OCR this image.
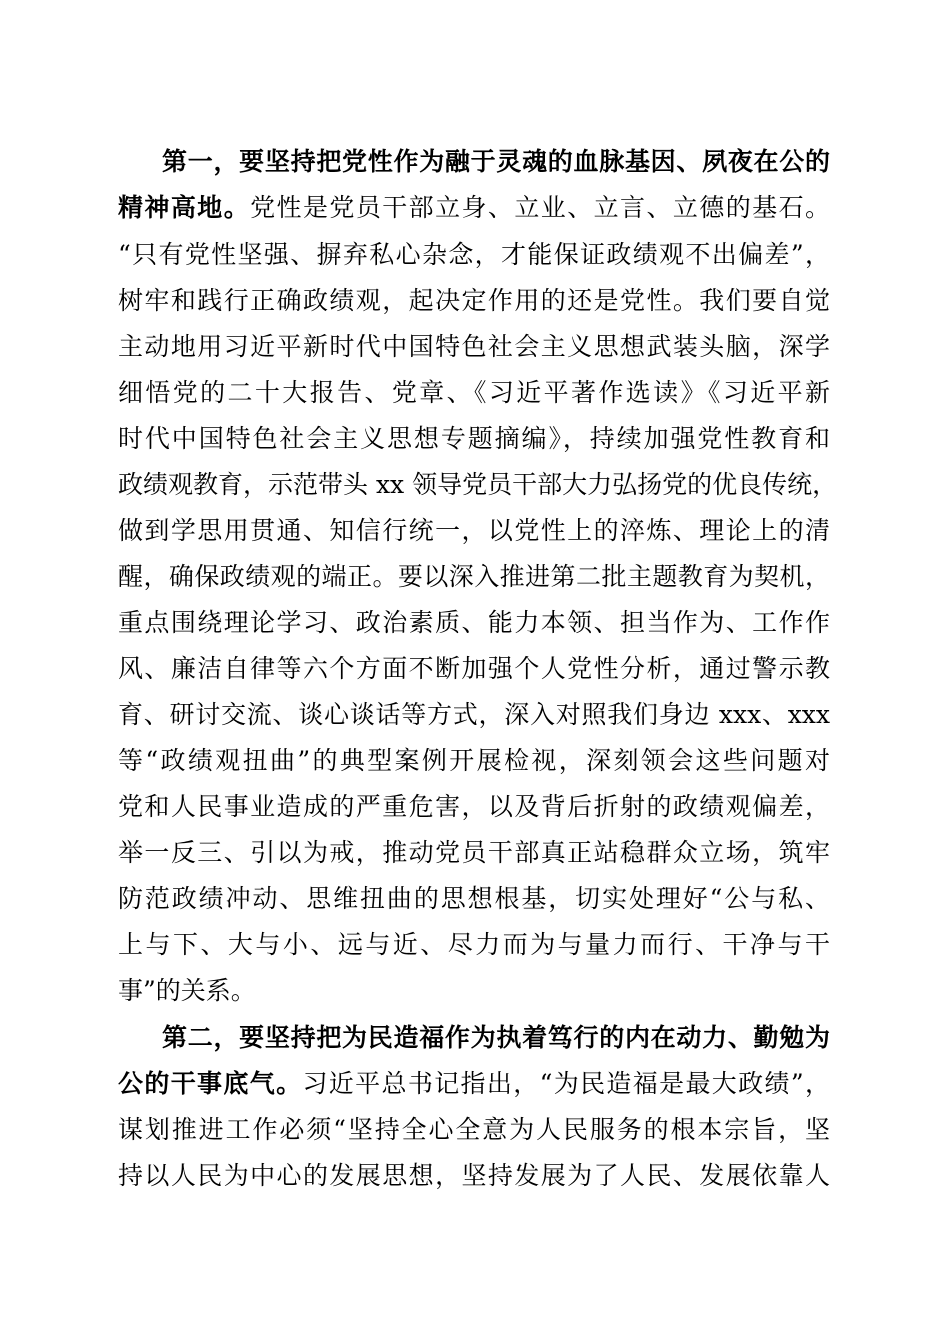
第一，要坚持把党性作为融于灵魂的血脉基因、夙夜在公的
精神高地。党性是党员干部立身、立业、立言、立德的基石。
“只有党性坚强、摒弃私心杂念，才能保证政绩观不出偏差”，
树牢和践行正确政绩观，起决定作用的还是党性。我们要自觉
主动地用习近平新时代中国特色社会主义思想武装头脑，深学
细悟党的二十大报告、党章、《习近平著作选读》《习近平新
时代中国特色社会主义思想专题摘编》，持续加强党性教育和
政绩观教育，示范带头 xx 领导党员干部大力弘扬党的优良传统，
做到学思用贯通、知信行统一，以党性上的淬炼、理论上的清
醒，确保政绩观的端正。要以深入推进第二批主题教育为契机，
重点围绕理论学习、政治素质、能力本领、担当作为、工作作
风、廉洁自律等六个方面不断加强个人党性分析，通过警示教
育、研讨交流、谈心谈话等方式，深入对照我们身边 xxx、xxx
等“政绩观扭曲”的典型案例开展检视，深刻领会这些问题对
党和人民事业造成的严重危害，以及背后折射的政绩观偏差，
举一反三、引以为戒，推动党员干部真正站稳群众立场，筑牢
防范政绩冲动、思维扭曲的思想根基，切实处理好“公与私、
上与下、大与小、远与近、尽力而为与量力而行、干净与干
事”的关系。
第二，要坚持把为民造福作为执着笃行的内在动力、勤勉为
公的干事底气。习近平总书记指出，“为民造福是最大政绩”，
谋划推进工作必须“坚持全心全意为人民服务的根本宗旨，坚
持以人民为中心的发展思想，坚持发展为了人民、发展依靠人
